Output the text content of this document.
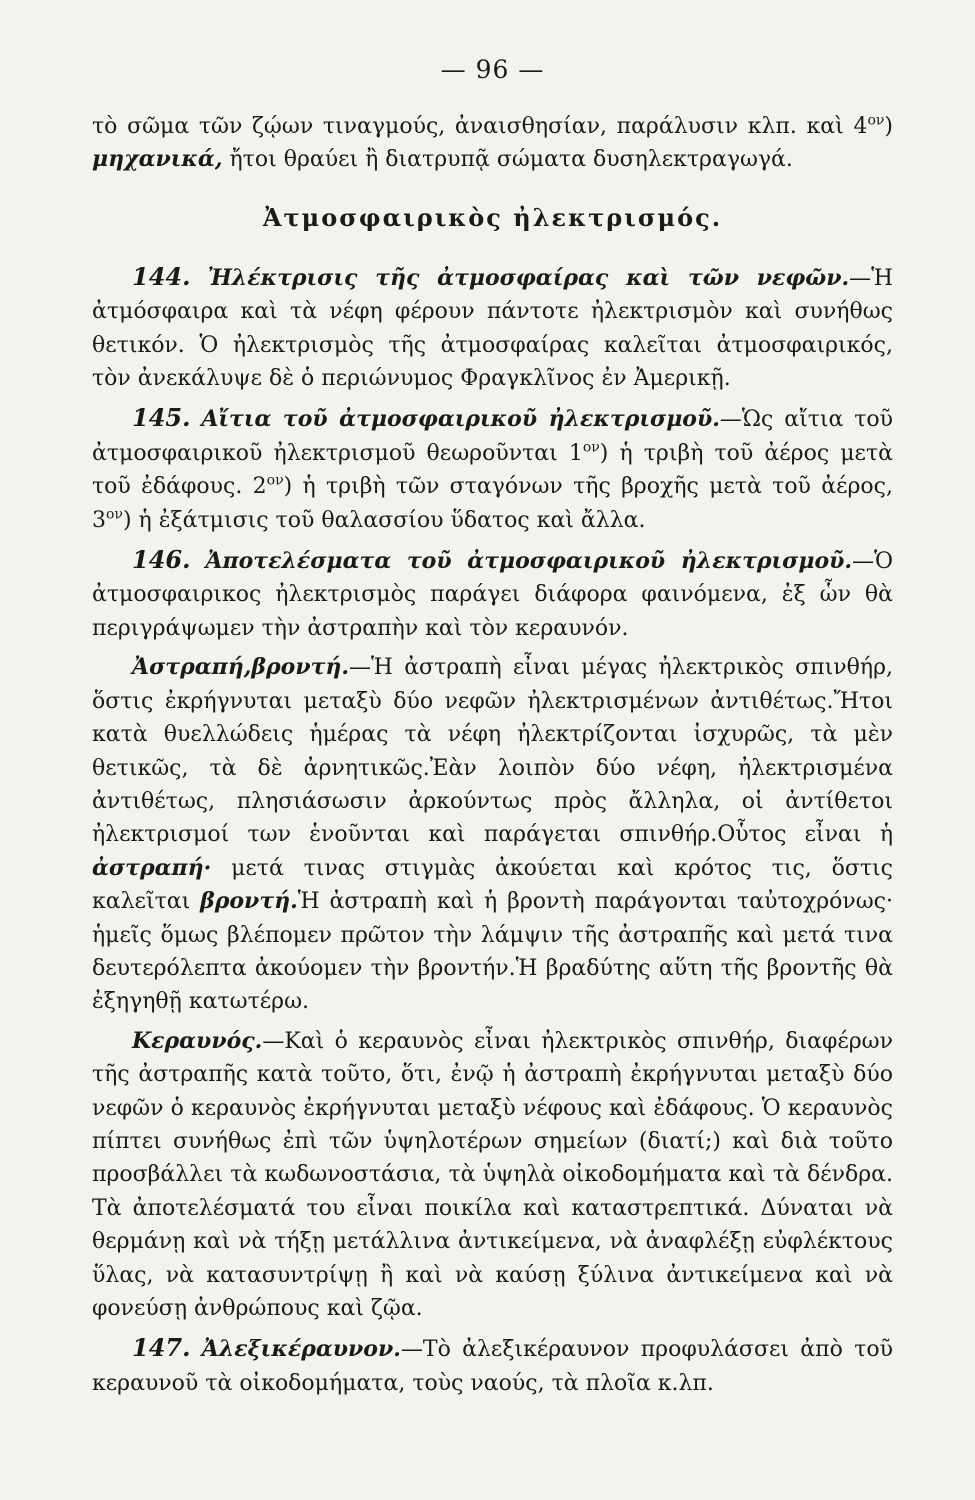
— 96 —

τὸ σῶμα τῶν ζῴων τιναγμούς, ἀναισθησίαν, παράλυσιν κλπ. καὶ $4^{o\nu}$) μηχανικά, ἤτοι θραύει ἢ διατρυπᾷ σώματα δυσηλεκτραγωγά.

Ἀτμοσφαιρικὸς ἠλεκτρισμός.

144. Ἠλέκτρισις τῆς ἀτμοσφαίρας καὶ τῶν νεφῶν.—Ἡ ἀτμόσφαιρα καὶ τὰ νέφη φέρουν πάντοτε ἠλεκτρισμὸν καὶ συνήθως θετικόν. Ὁ ἠλεκτρισμὸς τῆς ἀτμοσφαίρας καλεῖται ἀτμοσφαιρικός, τὸν ἀνεκάλυψε δὲ ὁ περιώνυμος Φραγκλῖνος ἐν Ἀμερικῇ.

145. Αἴτια τοῦ ἀτμοσφαιρικοῦ ἠλεκτρισμοῦ.—Ὡς αἴτια τοῦ ἀτμοσφαιρικοῦ ἠλεκτρισμοῦ θεωροῦνται $1^{o\nu}$) ἡ τριβὴ τοῦ ἀέρος μετὰ τοῦ ἐδάφους. $2^{o\nu}$) ἡ τριβὴ τῶν σταγόνων τῆς βροχῆς μετὰ τοῦ ἀέρος, $3^{o\nu}$) ἡ ἐξάτμισις τοῦ θαλασσίου ὕδατος καὶ ἄλλα.

146. Ἀποτελέσματα τοῦ ἀτμοσφαιρικοῦ ἠλεκτρισμοῦ.—Ὁ ἀτμοσφαιρικος ἠλεκτρισμὸς παράγει διάφορα φαινόμενα, ἐξ ὧν θὰ περιγράψωμεν τὴν ἀστραπὴν καὶ τὸν κεραυνόν.

Ἀστραπή,βροντή.—Ἡ ἀστραπὴ εἶναι μέγας ἠλεκτρικὸς σπινθήρ, ὅστις ἐκρήγνυται μεταξὺ δύο νεφῶν ἠλεκτρισμένων ἀντιθέτως.Ἤτοι κατὰ θυελλώδεις ἡμέρας τὰ νέφη ἠλεκτρίζονται ἰσχυρῶς, τὰ μὲν θετικῶς, τὰ δὲ ἀρνητικῶς.Ἐὰν λοιπὸν δύο νέφη, ἠλεκτρισμένα ἀντιθέτως, πλησιάσωσιν ἀρκούντως πρὸς ἄλληλα, οἱ ἀντίθετοι ἠλεκτρισμοί των ἑνοῦνται καὶ παράγεται σπινθήρ.Οὗτος εἶναι ἡ ἀστραπή· μετά τινας στιγμὰς ἀκούεται καὶ κρότος τις, ὅστις καλεῖται βροντή.Ἡ ἀστραπὴ καὶ ἡ βροντὴ παράγονται ταὐτοχρόνως· ἡμεῖς ὅμως βλέπομεν πρῶτον τὴν λάμψιν τῆς ἀστραπῆς καὶ μετά τινα δευτερόλεπτα ἀκούομεν τὴν βροντήν.Ἡ βραδύτης αὕτη τῆς βροντῆς θὰ ἐξηγηθῇ κατωτέρω.

Κεραυνός.—Καὶ ὁ κεραυνὸς εἶναι ἠλεκτρικὸς σπινθήρ, διαφέρων τῆς ἀστραπῆς κατὰ τοῦτο, ὅτι, ἐνῷ ἡ ἀστραπὴ ἐκρήγνυται μεταξὺ δύο νεφῶν ὁ κεραυνὸς ἐκρήγνυται μεταξὺ νέφους καὶ ἐδάφους. Ὁ κεραυνὸς πίπτει συνήθως ἐπὶ τῶν ὑψηλοτέρων σημείων (διατί;) καὶ διὰ τοῦτο προσβάλλει τὰ κωδωνοστάσια, τὰ ὑψηλὰ οἰκοδομήματα καὶ τὰ δένδρα. Τὰ ἀποτελέσματά του εἶναι ποικίλα καὶ καταστρεπτικά. Δύναται νὰ θερμάνῃ καὶ νὰ τήξῃ μετάλλινα ἀντικείμενα, νὰ ἀναφλέξῃ εὐφλέκτους ὕλας, νὰ κατασυντρίψῃ ἢ καὶ νὰ καύσῃ ξύλινα ἀντικείμενα καὶ νὰ φονεύσῃ ἀνθρώπους καὶ ζῷα.

147. Ἀλεξικέραυνον.—Τὸ ἀλεξικέραυνον προφυλάσσει ἀπὸ τοῦ κεραυνοῦ τὰ οἰκοδομήματα, τοὺς ναούς, τὰ πλοῖα κ.λπ.
